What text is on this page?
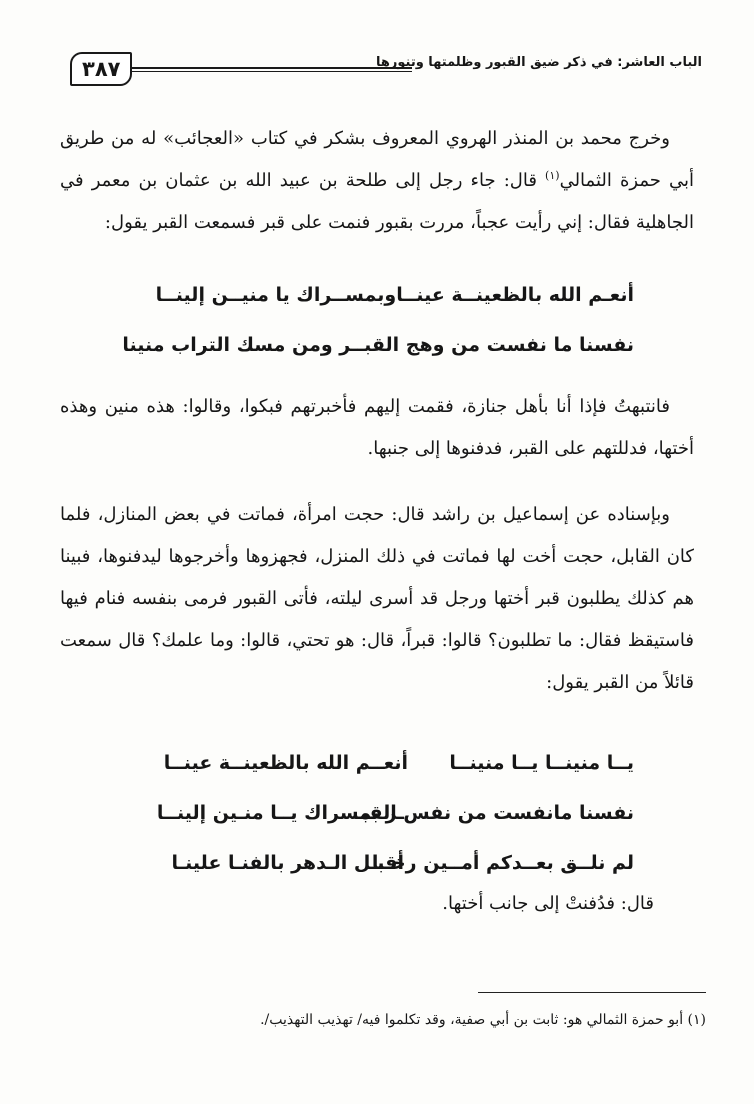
٣٨٧	الباب العاشر: في ذكر ضيق القبور وظلمتها وتنورها

وخرج محمد بن المنذر الهروي المعروف بشكر في كتاب «العجائب» له من طريق أبي حمزة الثمالي$^{(١)}$ قال: جاء رجل إلى طلحة بن عبيد الله بن عثمان بن معمر في الجاهلية فقال: إني رأيت عجباً، مررت بقبور فنمت على قبر فسمعت القبر يقول:

أنعـم الله بالظعينــة عينــا
وبمســراك يا منيــن إلينــا
نفسنا ما نفست من وهج القبـ
ـر ومن مسك التراب منينا

فانتبهتُ فإذا أنا بأهل جنازة، فقمت إليهم فأخبرتهم فبكوا، وقالوا: هذه منين وهذه أختها، فدللتهم على القبر، فدفنوها إلى جنبها.

وبإسناده عن إسماعيل بن راشد قال: حجت امرأة، فماتت في بعض المنازل، فلما كان القابل، حجت أخت لها فماتت في ذلك المنزل، فجهزوها وأخرجوها ليدفنوها، فبينا هم كذلك يطلبون قبر أختها ورجل قد أسرى ليلته، فأتى القبور فرمى بنفسه فنام فيها فاستيقظ فقال: ما تطلبون؟ قالوا: قبراً، قال: هو تحتي، قالوا: وما علمك؟ قال سمعت قائلاً من القبر يقول:

يــا منينــا يــا منينــا
أنعــم الله بالظعينــة عينــا
نفسنا مانفست من نفس القبـ
ـر بمسراك يــا منـين إلينــا
لم نلــق بعــدكم أمــين رخــا
أقبـل الـدهر بالفنـا علينـا
قال: فدُفنتْ إلى جانب أختها.
(١) أبو حمزة الثمالي هو: ثابت بن أبي صفية، وقد تكلموا فيه/ تهذيب التهذيب/.
